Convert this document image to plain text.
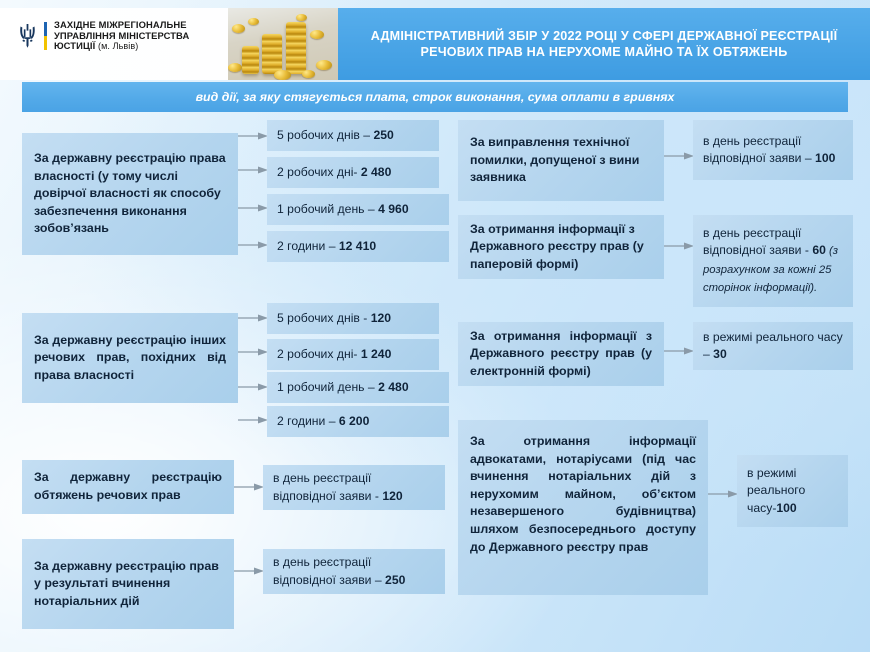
ЗАХІДНЕ МІЖРЕГІОНАЛЬНЕ
УПРАВЛІННЯ МІНІСТЕРСТВА
ЮСТИЦІЇ (м. Львів)
АДМІНІСТРАТИВНИЙ ЗБІР У 2022 РОЦІ У СФЕРІ ДЕРЖАВНОЇ РЕЄСТРАЦІЇ РЕЧОВИХ ПРАВ НА НЕРУХОМЕ МАЙНО ТА ЇХ ОБТЯЖЕНЬ
вид дії, за яку стягується плата, строк виконання, сума оплати в гривнях
За державну реєстрацію права власності (у тому числі довірчої власності як способу забезпечення виконання зобов’язань
5 робочих днів – 250
2 робочих дні- 2 480
1 робочий день – 4 960
2 години – 12 410
За державну реєстрацію інших речових прав, похідних від права власності
5 робочих днів - 120
2 робочих дні- 1 240
1 робочий день – 2 480
2 години – 6 200
За державну реєстрацію обтяжень речових прав
в день реєстрації відповідної заяви - 120
За державну реєстрацію прав у результаті вчинення нотаріальних дій
в день реєстрації відповідної заяви – 250
За виправлення технічної помилки, допущеної з вини заявника
в день реєстрації відповідної заяви – 100
За отримання інформації з Державного реєстру прав (у паперовій формі)
в день реєстрації відповідної заяви - 60 (з розрахунком за кожні 25 сторінок інформації).
За отримання інформації з Державного реєстру прав (у електронній формі)
в режимі реального часу – 30
За отримання інформації адвокатами, нотаріусами (під час вчинення нотаріальних дій з нерухомим майном, об’єктом незавершеного будівництва) шляхом безпосереднього доступу до Державного реєстру прав
в режимі реального часу-100
